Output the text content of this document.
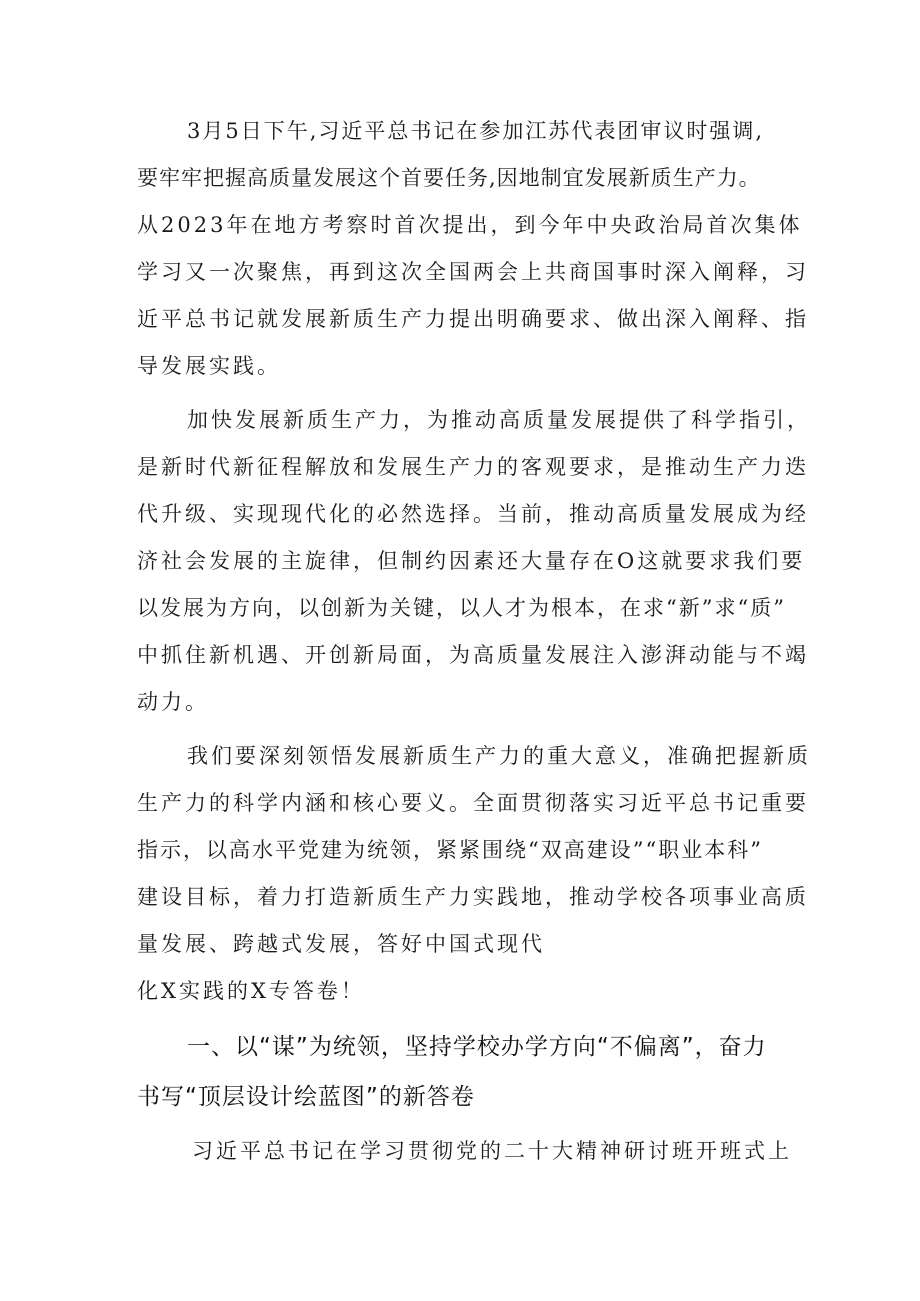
3月5日下午,习近平总书记在参加江苏代表团审议时强调,
要牢牢把握高质量发展这个首要任务,因地制宜发展新质生产力。
从2023年在地方考察时首次提出，到今年中央政治局首次集体
学习又一次聚焦，再到这次全国两会上共商国事时深入阐释，习
近平总书记就发展新质生产力提出明确要求、做出深入阐释、指
导发展实践。
加快发展新质生产力，为推动高质量发展提供了科学指引，
是新时代新征程解放和发展生产力的客观要求，是推动生产力迭
代升级、实现现代化的必然选择。当前，推动高质量发展成为经
济社会发展的主旋律，但制约因素还大量存在O这就要求我们要
以发展为方向，以创新为关键，以人才为根本，在求“新”求“质”
中抓住新机遇、开创新局面，为高质量发展注入澎湃动能与不竭
动力。
我们要深刻领悟发展新质生产力的重大意义，准确把握新质
生产力的科学内涵和核心要义。全面贯彻落实习近平总书记重要
指示，以高水平党建为统领，紧紧围绕“双高建设”“职业本科”
建设目标，着力打造新质生产力实践地，推动学校各项事业高质
量发展、跨越式发展，答好中国式现代
化X实践的X专答卷！
一、以“谋”为统领，坚持学校办学方向“不偏离”，奋力
书写“顶层设计绘蓝图”的新答卷
习近平总书记在学习贯彻党的二十大精神研讨班开班式上
